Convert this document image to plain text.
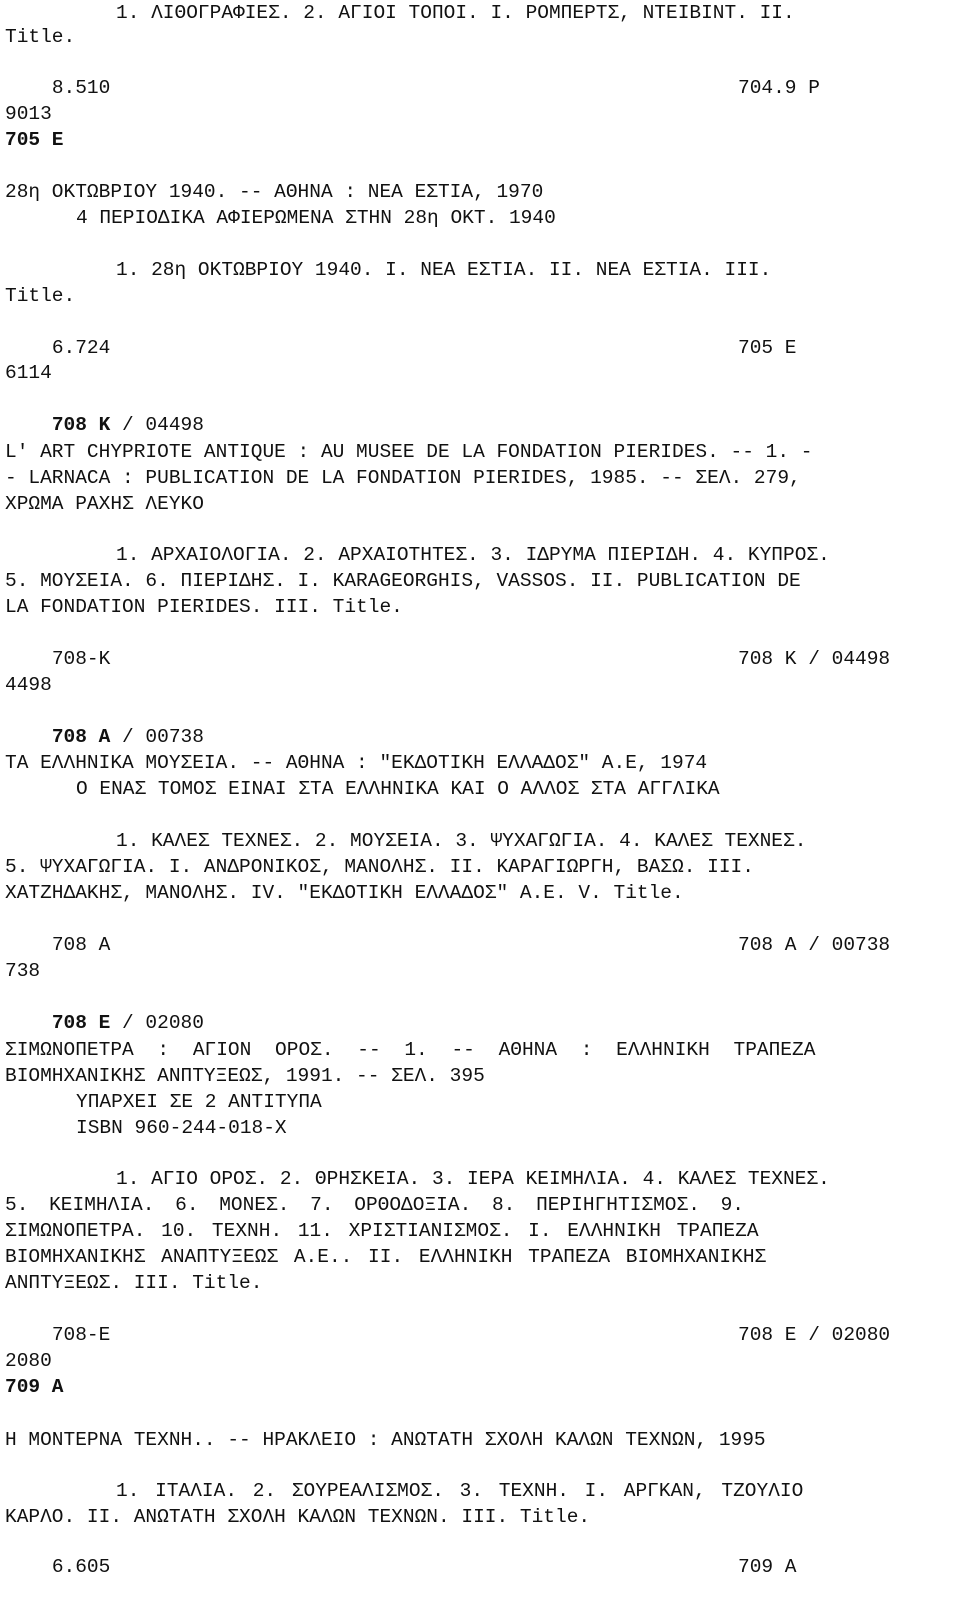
1. ΛΙΘΟΓΡΑΦΙΕΣ. 2. ΑΓΙΟΙ ΤΟΠΟΙ. I. ΡΟΜΠΕΡΤΣ, ΝΤΕΙΒΙΝΤ. II.
Title.

8.510	704.9 Ρ

9013
705 Ε
28η ΟΚΤΩΒΡΙΟΥ 1940. -- ΑΘΗΝΑ : ΝΕΑ ΕΣΤΙΑ, 1970
4 ΠΕΡΙΟΔΙΚΑ ΑΦΙΕΡΩΜΕΝΑ ΣΤΗΝ 28η ΟΚΤ. 1940
1. 28η ΟΚΤΩΒΡΙΟΥ 1940. I. ΝΕΑ ΕΣΤΙΑ. II. ΝΕΑ ΕΣΤΙΑ. III.
Title.

6.724	705 Ε

6114

708 Κ / 04498

L' ART CHYPRIOTE ANTIQUE : AU MUSEE DE LA FONDATION PIERIDES. -- 1. -
- LARNACA : PUBLICATION DE LA FONDATION PIERIDES, 1985. -- ΣΕΛ. 279,
ΧΡΩΜΑ ΡΑΧΗΣ ΛΕΥΚΟ
1. ΑΡΧΑΙΟΛΟΓΙΑ. 2. ΑΡΧΑΙΟΤΗΤΕΣ. 3. ΙΔΡΥΜΑ ΠΙΕΡΙΔΗ. 4. ΚΥΠΡΟΣ.
5. ΜΟΥΣΕΙΑ. 6. ΠΙΕΡΙΔΗΣ. I. KARAGEORGHIS, VASSOS. II. PUBLICATION DE
LA FONDATION PIERIDES. III. Title.

708-Κ	708 Κ / 04498

4498

708 Α / 00738

ΤΑ ΕΛΛΗΝΙΚΑ ΜΟΥΣΕΙΑ. -- ΑΘΗΝΑ : "ΕΚΔΟΤΙΚΗ ΕΛΛΑΔΟΣ" Α.Ε, 1974
Ο ΕΝΑΣ ΤΟΜΟΣ ΕΙΝΑΙ ΣΤΑ ΕΛΛΗΝΙΚΑ ΚΑΙ Ο ΑΛΛΟΣ ΣΤΑ ΑΓΓΛΙΚΑ
1. ΚΑΛΕΣ ΤΕΧΝΕΣ. 2. ΜΟΥΣΕΙΑ. 3. ΨΥΧΑΓΩΓΙΑ. 4. ΚΑΛΕΣ ΤΕΧΝΕΣ.
5. ΨΥΧΑΓΩΓΙΑ. I. ΑΝΔΡΟΝΙΚΟΣ, ΜΑΝΟΛΗΣ. II. ΚΑΡΑΓΙΩΡΓΗ, ΒΑΣΩ. III.
ΧΑΤΖΗΔΑΚΗΣ, ΜΑΝΟΛΗΣ. IV. "ΕΚΔΟΤΙΚΗ ΕΛΛΑΔΟΣ" Α.Ε. V. Title.

708 Α	708 Α / 00738

738

708 Ε / 02080

ΣΙΜΩΝΟΠΕΤΡΑ : ΑΓΙΟΝ ΟΡΟΣ. -- 1. -- ΑΘΗΝΑ : ΕΛΛΗΝΙΚΗ ΤΡΑΠΕΖΑ
ΒΙΟΜΗΧΑΝΙΚΗΣ ΑΝΠΤΥΞΕΩΣ, 1991. -- ΣΕΛ. 395
ΥΠΑΡΧΕΙ ΣΕ 2 ΑΝΤΙΤΥΠΑ
ISBN 960-244-018-X
1. ΑΓΙΟ ΟΡΟΣ. 2. ΘΡΗΣΚΕΙΑ. 3. ΙΕΡΑ ΚΕΙΜΗΛΙΑ. 4. ΚΑΛΕΣ ΤΕΧΝΕΣ.
5. ΚΕΙΜΗΛΙΑ. 6. ΜΟΝΕΣ. 7. ΟΡΘΟΔΟΞΙΑ. 8. ΠΕΡΙΗΓΗΤΙΣΜΟΣ. 9.
ΣΙΜΩΝΟΠΕΤΡΑ. 10. ΤΕΧΝΗ. 11. ΧΡΙΣΤΙΑΝΙΣΜΟΣ. I. ΕΛΛΗΝΙΚΗ ΤΡΑΠΕΖΑ
ΒΙΟΜΗΧΑΝΙΚΗΣ ΑΝΑΠΤΥΞΕΩΣ Α.Ε.. II. ΕΛΛΗΝΙΚΗ ΤΡΑΠΕΖΑ ΒΙΟΜΗΧΑΝΙΚΗΣ
ΑΝΠΤΥΞΕΩΣ. III. Title.

708-Ε	708 Ε / 02080

2080
709 Α
Η ΜΟΝΤΕΡΝΑ ΤΕΧΝΗ.. -- ΗΡΑΚΛΕΙΟ : ΑΝΩΤΑΤΗ ΣΧΟΛΗ ΚΑΛΩΝ ΤΕΧΝΩΝ, 1995
1. ΙΤΑΛΙΑ. 2. ΣΟΥΡΕΑΛΙΣΜΟΣ. 3. ΤΕΧΝΗ. I. ΑΡΓΚΑΝ, ΤΖΟΥΛΙΟ
ΚΑΡΛΟ. II. ΑΝΩΤΑΤΗ ΣΧΟΛΗ ΚΑΛΩΝ ΤΕΧΝΩΝ. III. Title.

6.605	709 Α
